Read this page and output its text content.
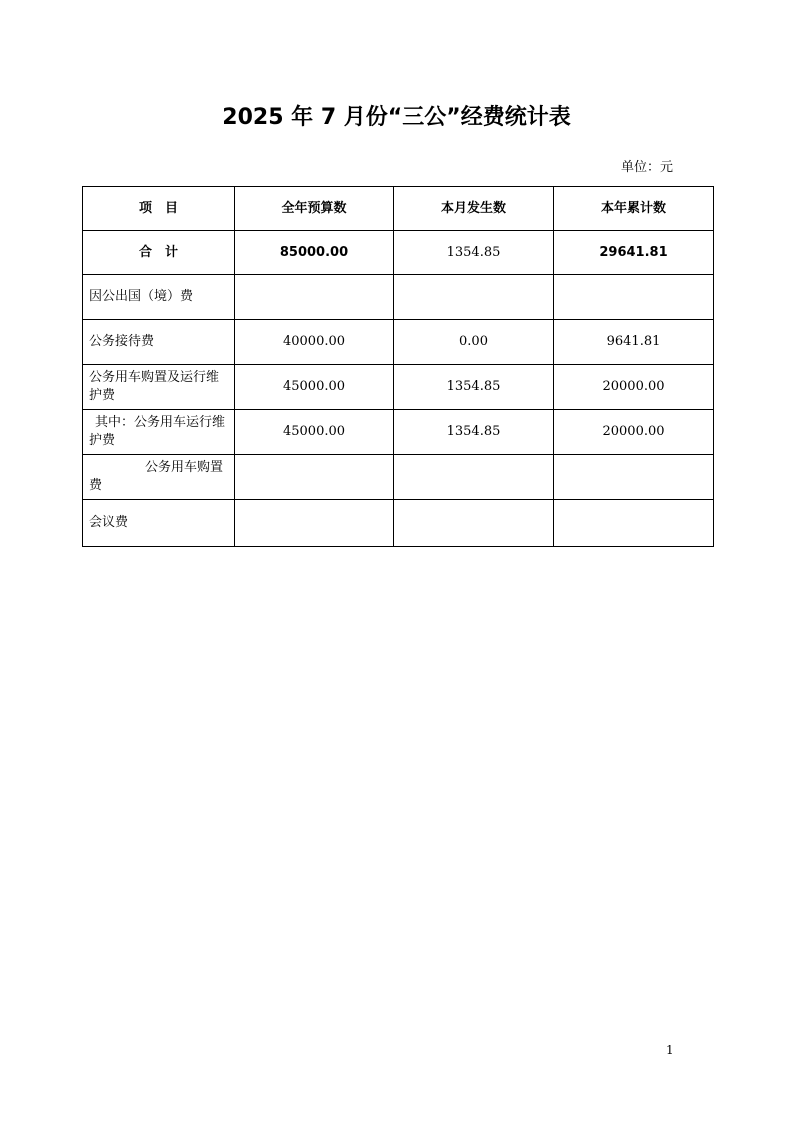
2025 年 7 月份“三公”经费统计表
单位：元
项　目	全年预算数	本月发生数	本年累计数
合　计	85000.00	1354.85	29641.81
因公出国（境）费			
公务接待费	40000.00	0.00	9641.81
公务用车购置及运行维护费	45000.00	1354.85	20000.00
其中：公务用车运行维护费	45000.00	1354.85	20000.00
公务用车购置费			
会议费			
1
